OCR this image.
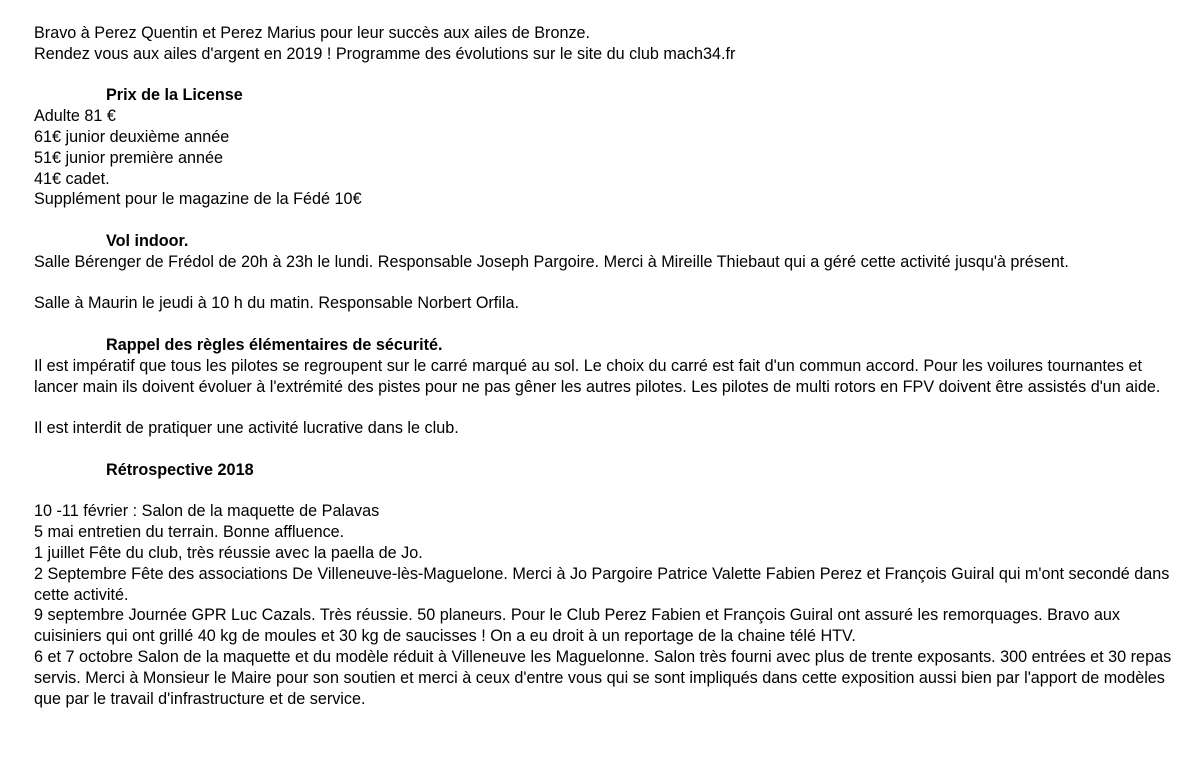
Bravo à Perez Quentin et Perez Marius pour leur succès aux ailes de Bronze.
Rendez vous aux ailes d'argent en 2019 ! Programme des évolutions sur le site du club mach34.fr
Prix de la License
Adulte 81 €
61€ junior deuxième année
51€ junior première année
41€ cadet.
Supplément pour le magazine de la Fédé 10€
Vol indoor.
Salle Bérenger de Frédol de 20h à 23h le lundi. Responsable Joseph Pargoire. Merci à Mireille Thiebaut qui a géré cette activité jusqu'à présent.
Salle à Maurin le jeudi à 10 h du matin. Responsable Norbert Orfila.
Rappel des règles élémentaires de sécurité.
Il est impératif que tous les pilotes se regroupent sur le carré marqué au sol. Le choix du carré est fait d'un commun accord. Pour les voilures tournantes et lancer main ils doivent évoluer à l'extrémité des pistes pour ne pas gêner les autres pilotes. Les pilotes de multi rotors en FPV doivent être assistés d'un aide.
Il est interdit de pratiquer une activité lucrative dans le club.
Rétrospective 2018
10 -11 février : Salon de la maquette de Palavas
5 mai entretien du terrain. Bonne affluence.
1 juillet Fête du club, très réussie avec la paella de Jo.
2 Septembre Fête des associations De Villeneuve-lès-Maguelone. Merci à Jo Pargoire Patrice Valette Fabien Perez et François Guiral qui m'ont secondé dans cette activité.
9 septembre Journée GPR Luc Cazals. Très réussie. 50 planeurs. Pour le Club Perez Fabien et François Guiral ont assuré les remorquages. Bravo aux cuisiniers qui ont grillé 40 kg de moules et 30 kg de saucisses ! On a eu droit à un reportage de la chaine télé HTV.
6 et 7 octobre Salon de la maquette et du modèle réduit à Villeneuve les Maguelonne. Salon très fourni avec plus de trente exposants. 300 entrées et 30 repas servis. Merci à Monsieur le Maire pour son soutien et merci à ceux d'entre vous qui se sont impliqués dans cette exposition aussi bien par l'apport de modèles que par le travail d'infrastructure et de service.
